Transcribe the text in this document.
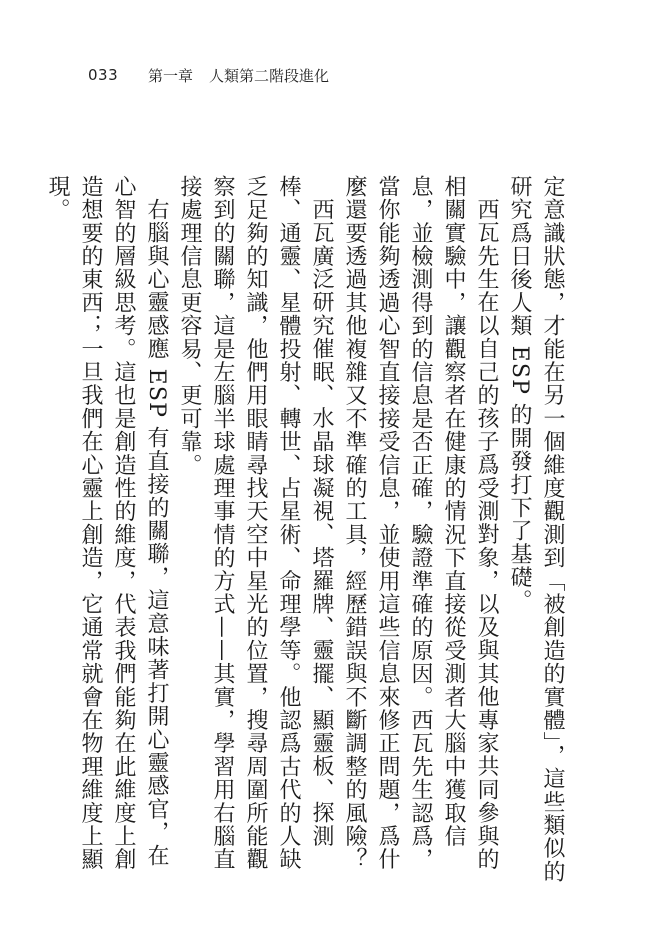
033	第一章 人類第二階段進化

定意識狀態，才能在另一個維度觀測到「被創造的實體」，這些類似的研究爲日後人類 ESP 的開發打下了基礎。

西瓦先生在以自己的孩子爲受測對象，以及與其他專家共同參與的相關實驗中，讓觀察者在健康的情況下直接從受測者大腦中獲取信息，並檢測得到的信息是否正確，驗證準確的原因。西瓦先生認爲，當你能夠透過心智直接接受信息，並使用這些信息來修正問題，爲什麼還要透過其他複雜又不準確的工具，經歷錯誤與不斷調整的風險？

西瓦廣泛研究催眠、水晶球凝視、塔羅牌、靈擺、顯靈板、探測棒、通靈、星體投射、轉世、占星術、命理學等。他認爲古代的人缺乏足夠的知識，他們用眼睛尋找天空中星光的位置，搜尋周圍所能觀察到的關聯，這是左腦半球處理事情的方式——其實，學習用右腦直接處理信息更容易、更可靠。

右腦與心靈感應 ESP 有直接的關聯，這意味著打開心靈感官，在心智的層級思考。這也是創造性的維度，代表我們能夠在此維度上創造想要的東西；一旦我們在心靈上創造，它通常就會在物理維度上顯現。
